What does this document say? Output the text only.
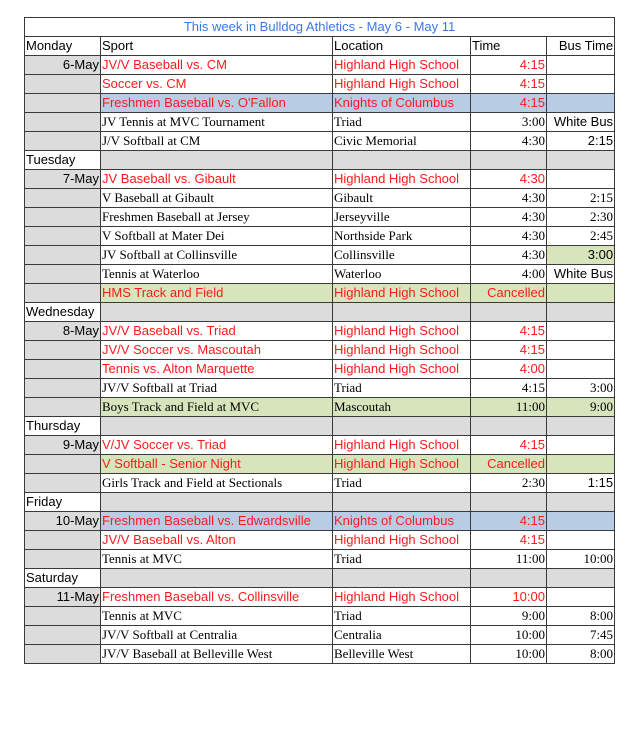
This week in Bulldog Athletics - May 6 - May 11				
Monday	Sport	Location	Time	Bus Time
6-May	JV/V Baseball vs. CM	Highland High School	4:15	
	Soccer vs. CM	Highland High School	4:15	
	Freshmen Baseball vs. O'Fallon	Knights of Columbus	4:15	
	JV Tennis at MVC Tournament	Triad	3:00	White Bus
	J/V Softball at CM	Civic Memorial	4:30	2:15
Tuesday				
7-May	JV Baseball vs. Gibault	Highland High School	4:30	
	V Baseball at Gibault	Gibault	4:30	2:15
	Freshmen Baseball at Jersey	Jerseyville	4:30	2:30
	V Softball at Mater Dei	Northside Park	4:30	2:45
	JV Softball at Collinsville	Collinsville	4:30	3:00
	Tennis at Waterloo	Waterloo	4:00	White Bus
	HMS Track and Field	Highland High School	Cancelled	
Wednesday				
8-May	JV/V Baseball vs. Triad	Highland High School	4:15	
	JV/V Soccer vs. Mascoutah	Highland High School	4:15	
	Tennis vs. Alton Marquette	Highland High School	4:00	
	JV/V Softball at Triad	Triad	4:15	3:00
	Boys Track and Field at MVC	Mascoutah	11:00	9:00
Thursday				
9-May	V/JV Soccer vs. Triad	Highland High School	4:15	
	V Softball - Senior Night	Highland High School	Cancelled	
	Girls Track and Field at Sectionals	Triad	2:30	1:15
Friday				
10-May	Freshmen Baseball vs. Edwardsville	Knights of Columbus	4:15	
	JV/V Baseball vs. Alton	Highland High School	4:15	
	Tennis at MVC	Triad	11:00	10:00
Saturday				
11-May	Freshmen Baseball vs. Collinsville	Highland High School	10:00	
	Tennis at MVC	Triad	9:00	8:00
	JV/V Softball at Centralia	Centralia	10:00	7:45
	JV/V Baseball at Belleville West	Belleville West	10:00	8:00
